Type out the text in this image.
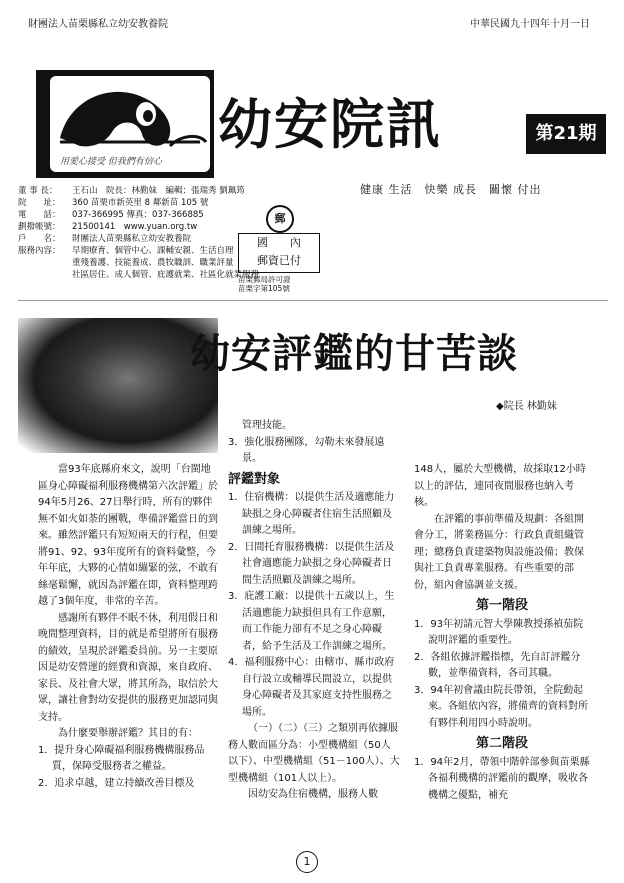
財團法人苗栗縣私立幼安教養院	中華民國九十四年十月一日
用愛心接受 但我們有信心
幼安院訊	第21期
董 事 長： 王石山　院長：林勤妹　編輯：張瑞秀 劉珮筠
院　　址： 360 苗栗市新英里 8 鄰新苗 105 號
電　　話： 037-366995 傳真：037-366885
劃撥帳號： 21500141　www.yuan.org.tw
戶　　名： 財團法人苗栗縣私立幼安教養院
服務內容： 早期療育、個管中心、課輔安親、生活自理
重殘養護、技能養成、農牧職訓、職業評量
社區居住、成人個管、庇護就業、社區化就業服務
健康 生活　快樂 成長　關懷 付出
郵
國　　內
郵資已付
苗栗郵局許可證
苗栗字第105號
幼安評鑑的甘苦談
◆院長 林勤妹

當93年底縣府來文，說明「台閩地區身心障礙福利服務機構第六次評鑑」於94年5月26、27日舉行時，所有的夥伴無不如火如荼的團戰，準備評鑑當日的到來。雖然評鑑只有短短兩天的行程，但要將91、92、93年度所有的資料彙整，今年年底，大夥的心情如繃緊的弦，不敢有絲毫鬆懈，就因為評鑑在即，資料整理跨越了3個年度，非常的辛苦。

感謝所有夥伴不眠不休，利用假日和晚間整理資料，目的就是希望將所有服務的績效，呈現於評鑑委員前。另一主要原因是幼安營運的經費和資源，來自政府、家長、及社會大眾，將其所為，取信於大眾，讓社會對幼安提供的服務更加認同與支持。

為什麼要舉辦評鑑？其目的有：

1．提升身心障礙福利服務機構服務品質，保障受服務者之權益。

2．追求卓越，建立持續改善目標及

管理技能。

3．強化服務團隊，勾勒未來發展遠景。

評鑑對象

1．住宿機構：以提供生活及適應能力缺損之身心障礙者住宿生活照顧及訓練之場所。

2．日間托育服務機構：以提供生活及社會適應能力缺損之身心障礙者日間生活照顧及訓練之場所。

3．庇護工廠：以提供十五歲以上，生活適應能力缺損但具有工作意願，而工作能力卻有不足之身心障礙者，給予生活及工作訓練之場所。

4．福利服務中心：由轄市、縣市政府自行設立或輔導民間設立，以提供身心障礙者及其家庭支持性服務之場所。

（一）（二）（三）之類別再依據服務人數而區分為：小型機構組（50人以下）、中型機構組（51－100人）、大型機構組（101人以上）。

因幼安為住宿機構，服務人數

148人，屬於大型機構，故採取12小時以上的評估，連同夜間服務也納入考核。

在評鑑的事前準備及規劃：各組開會分工，將業務區分：行政負責組織管理；總務負責建築物與設施設備；教保與社工負責專業服務。有些重要的部份，組內會協調並支援。

第一階段

1．93年初請元智大學陳教授孫禎茄院說明評鑑的重要性。

2．各組依據評鑑指標，先自訂評鑑分數，並準備資料，各司其職。

3．94年初會議由院長帶領，全院動起來。各組依內容，將備齊的資料對所有夥伴利用四小時說明。

第二階段

1．94年2月，帶領中階幹部參與苗栗縣各福利機構的評鑑前的觀摩，吸收各機構之優點，補充

1
